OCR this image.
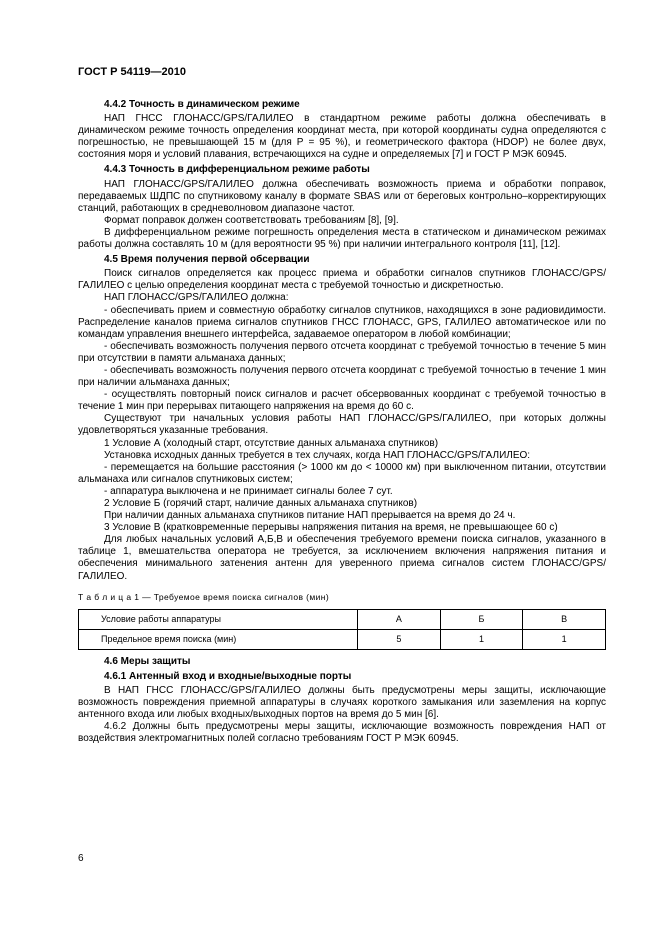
ГОСТ Р 54119—2010

4.4.2 Точность в динамическом режиме

НАП ГНСС ГЛОНАСС/GPS/ГАЛИЛЕО в стандартном режиме работы должна обеспечивать в динамическом режиме точность определения координат места, при которой координаты судна определяются с погрешностью, не превышающей 15 м (для Р = 95 %), и геометрического фактора (HDOP) не более двух, состояния моря и условий плавания, встречающихся на судне и определяемых [7] и ГОСТ Р МЭК 60945.

4.4.3 Точность в дифференциальном режиме работы

НАП ГЛОНАСС/GPS/ГАЛИЛЕО должна обеспечивать возможность приема и обработки поправок, передаваемых ШДПС по спутниковому каналу в формате SBAS или от береговых контрольно–корректирующих станций, работающих в средневолновом диапазоне частот.

Формат поправок должен соответствовать требованиям [8], [9].

В дифференциальном режиме погрешность определения места в статическом и динамическом режимах работы должна составлять 10 м (для вероятности 95 %) при наличии интегрального контроля [11], [12].

4.5 Время получения первой обсервации

Поиск сигналов определяется как процесс приема и обработки сигналов спутников ГЛОНАСС/GPS/ГАЛИЛЕО с целью определения координат места с требуемой точностью и дискретностью.

НАП ГЛОНАСС/GPS/ГАЛИЛЕО должна:

- обеспечивать прием и совместную обработку сигналов спутников, находящихся в зоне радиовидимости. Распределение каналов приема сигналов спутников ГНСС ГЛОНАСС, GPS, ГАЛИЛЕО автоматическое или по командам управления внешнего интерфейса, задаваемое оператором в любой комбинации;

- обеспечивать возможность получения первого отсчета координат с требуемой точностью в течение 5 мин при отсутствии в памяти альманаха данных;

- обеспечивать возможность получения первого отсчета координат с требуемой точностью в течение 1 мин при наличии альманаха данных;

- осуществлять повторный поиск сигналов и расчет обсервованных координат с требуемой точностью в течение 1 мин при перерывах питающего напряжения на время до 60 с.

Существуют три начальных условия работы НАП ГЛОНАСС/GPS/ГАЛИЛЕО, при которых должны удовлетворяться указанные требования.

1 Условие А (холодный старт, отсутствие данных альманаха спутников)

Установка исходных данных требуется в тех случаях, когда НАП ГЛОНАСС/GPS/ГАЛИЛЕО:

- перемещается на большие расстояния (> 1000 км до < 10000 км) при выключенном питании, отсутствии альманаха или сигналов спутниковых систем;

- аппаратура выключена и не принимает сигналы более 7 сут.

2 Условие Б (горячий старт, наличие данных альманаха спутников)

При наличии данных альманаха спутников питание НАП прерывается на время до 24 ч.

3 Условие В (кратковременные перерывы напряжения питания на время, не превышающее 60 с)

Для любых начальных условий А,Б,В и обеспечения требуемого времени поиска сигналов, указанного в таблице 1, вмешательства оператора не требуется, за исключением включения напряжения питания и обеспечения минимального затенения антенн для уверенного приема сигналов систем ГЛОНАСС/GPS/ГАЛИЛЕО.

Т а б л и ц а 1 — Требуемое время поиска сигналов (мин)
Условие работы аппаратуры	А	Б	В
Предельное время поиска (мин)	5	1	1

4.6 Меры защиты

4.6.1 Антенный вход и входные/выходные порты

В НАП ГНСС ГЛОНАСС/GPS/ГАЛИЛЕО должны быть предусмотрены меры защиты, исключающие возможность повреждения приемной аппаратуры в случаях короткого замыкания или заземления на корпус антенного входа или любых входных/выходных портов на время до 5 мин [6].

4.6.2 Должны быть предусмотрены меры защиты, исключающие возможность повреждения НАП от воздействия электромагнитных полей согласно требованиям ГОСТ Р МЭК 60945.

6
